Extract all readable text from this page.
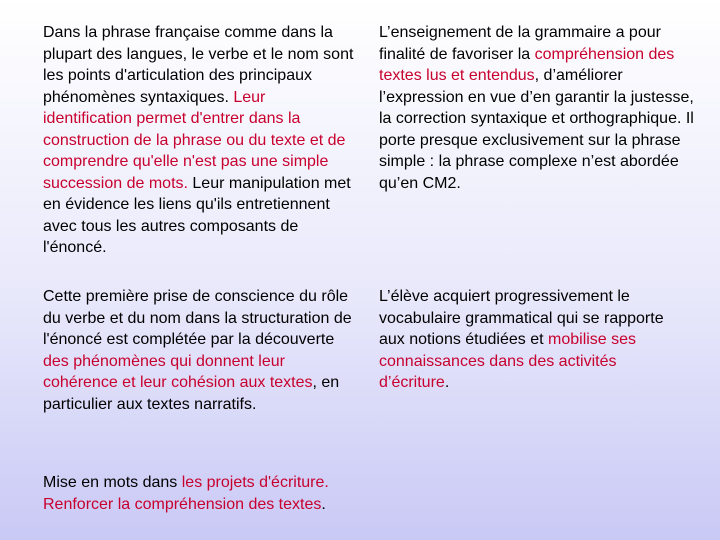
Dans la phrase française comme dans la plupart des langues, le verbe et le nom sont les points d'articulation des principaux phénomènes syntaxiques. Leur identification permet d'entrer dans la construction de la phrase ou du texte et de comprendre qu'elle n'est pas une simple succession de mots. Leur manipulation met en évidence les liens qu'ils entretiennent avec tous les autres composants de l'énoncé.

Cette première prise de conscience du rôle du verbe et du nom dans la structuration de l'énoncé est complétée par la découverte des phénomènes qui donnent leur cohérence et leur cohésion aux textes, en particulier aux textes narratifs.

Mise en mots dans les projets d'écriture. Renforcer la compréhension des textes.

L’enseignement de la grammaire a pour finalité de favoriser la compréhension des textes lus et entendus, d’améliorer l’expression en vue d’en garantir la justesse, la correction syntaxique et orthographique. Il porte presque exclusivement sur la phrase simple : la phrase complexe n’est abordée qu’en CM2.

L’élève acquiert progressivement le vocabulaire grammatical qui se rapporte aux notions étudiées et mobilise ses connaissances dans des activités d’écriture.
